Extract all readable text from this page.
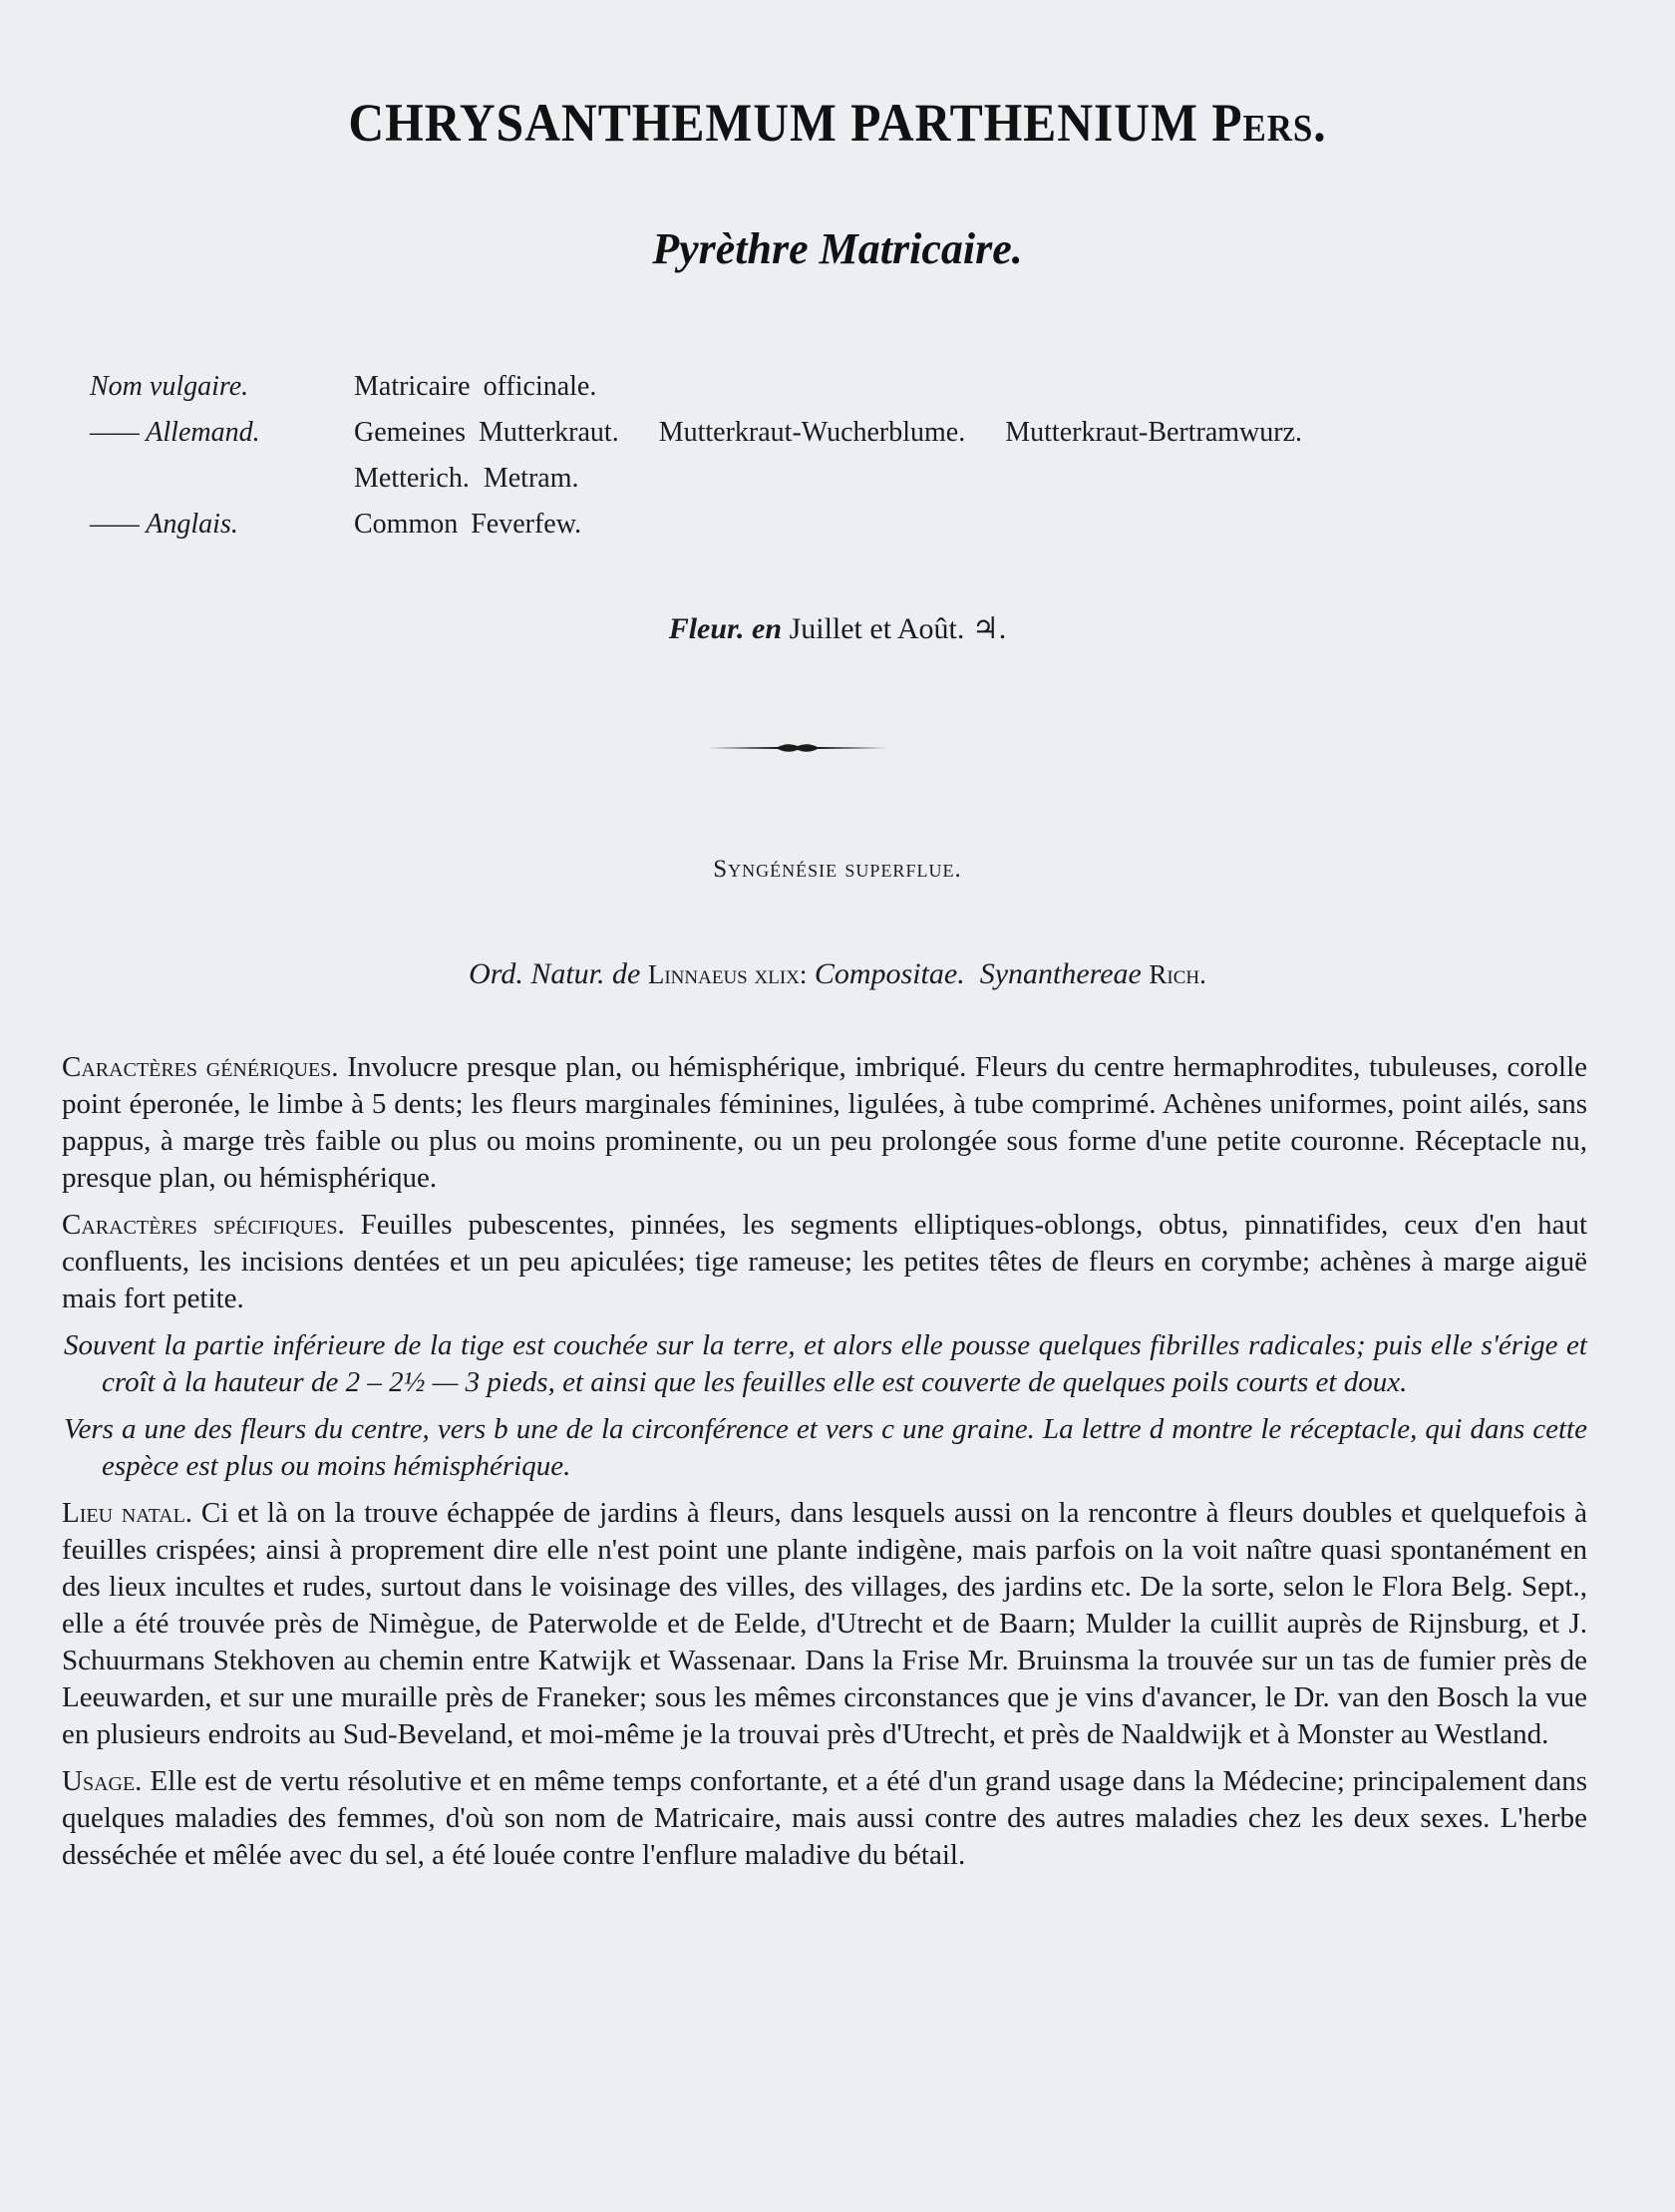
CHRYSANTHEMUM PARTHENIUM Pers.
Pyrèthre Matricaire.
Nom vulgaire.	Matricaire officinale.
—— Allemand.	Gemeines Mutterkraut. Mutterkraut-Wucherblume. Mutterkraut-Bertramwurz.
Metterich. Metram.
—— Anglais.	Common Feverfew.
Fleur. en Juillet et Août. ♃.
Syngénésie superflue.
Ord. Natur. de Linnaeus xlix: Compositae. Synanthereae Rich.

Caractères génériques. Involucre presque plan, ou hémisphérique, imbriqué. Fleurs du centre hermaphrodites, tubuleuses, corolle point éperonée, le limbe à 5 dents; les fleurs marginales féminines, ligulées, à tube comprimé. Achènes uniformes, point ailés, sans pappus, à marge très faible ou plus ou moins prominente, ou un peu prolongée sous forme d'une petite couronne. Réceptacle nu, presque plan, ou hémisphérique.

Caractères spécifiques. Feuilles pubescentes, pinnées, les segments elliptiques-oblongs, obtus, pinnatifides, ceux d'en haut confluents, les incisions dentées et un peu apiculées; tige rameuse; les petites têtes de fleurs en corymbe; achènes à marge aiguë mais fort petite.

Souvent la partie inférieure de la tige est couchée sur la terre, et alors elle pousse quelques fibrilles radicales; puis elle s'érige et croît à la hauteur de 2 – 2½ — 3 pieds, et ainsi que les feuilles elle est couverte de quelques poils courts et doux.

Vers a une des fleurs du centre, vers b une de la circonférence et vers c une graine. La lettre d montre le réceptacle, qui dans cette espèce est plus ou moins hémisphérique.

Lieu natal. Ci et là on la trouve échappée de jardins à fleurs, dans lesquels aussi on la rencontre à fleurs doubles et quelquefois à feuilles crispées; ainsi à proprement dire elle n'est point une plante indigène, mais parfois on la voit naître quasi spontanément en des lieux incultes et rudes, surtout dans le voisinage des villes, des villages, des jardins etc. De la sorte, selon le Flora Belg. Sept., elle a été trouvée près de Nimègue, de Paterwolde et de Eelde, d'Utrecht et de Baarn; Mulder la cuillit auprès de Rijnsburg, et J. Schuurmans Stekhoven au chemin entre Katwijk et Wassenaar. Dans la Frise Mr. Bruinsma la trouvée sur un tas de fumier près de Leeuwarden, et sur une muraille près de Franeker; sous les mêmes circonstances que je vins d'avancer, le Dr. van den Bosch la vue en plusieurs endroits au Sud-Beveland, et moi-même je la trouvai près d'Utrecht, et près de Naaldwijk et à Monster au Westland.

Usage. Elle est de vertu résolutive et en même temps confortante, et a été d'un grand usage dans la Médecine; principalement dans quelques maladies des femmes, d'où son nom de Matricaire, mais aussi contre des autres maladies chez les deux sexes. L'herbe desséchée et mêlée avec du sel, a été louée contre l'enflure maladive du bétail.
